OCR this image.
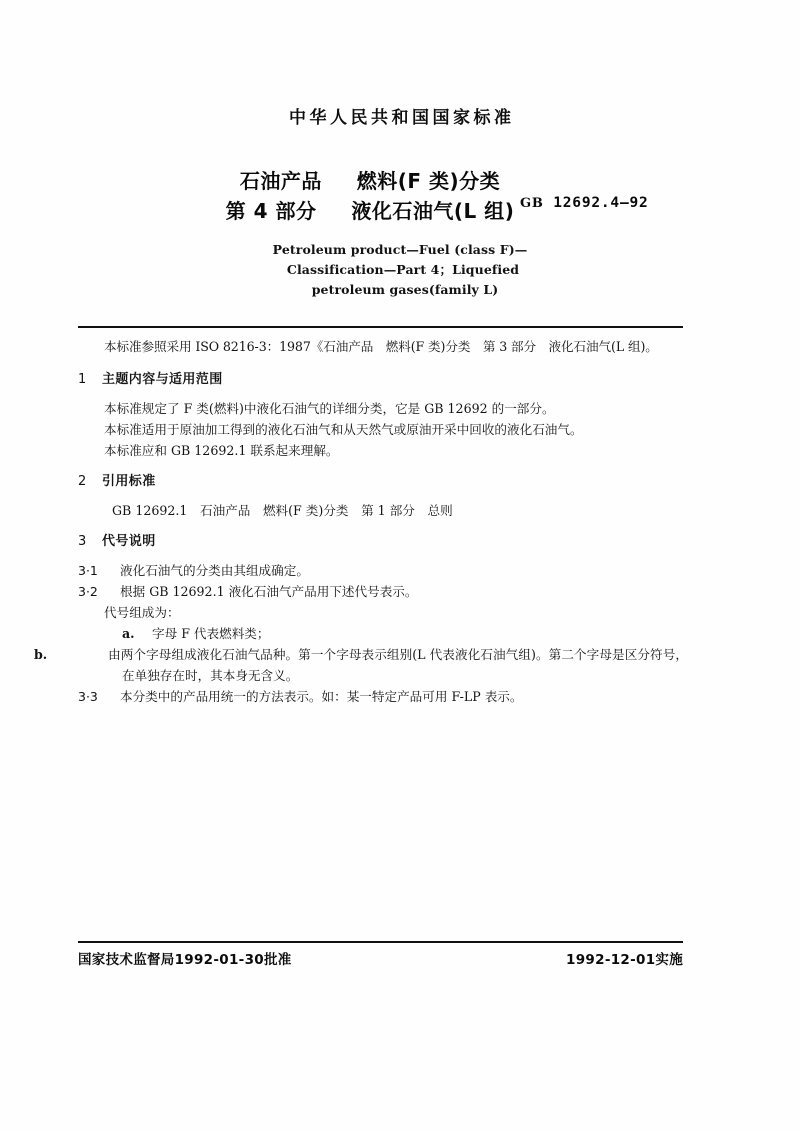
中华人民共和国国家标准
石油产品 燃料(F 类)分类
第 4 部分 液化石油气(L 组) GB 12692.4—92
Petroleum product—Fuel (class F)—
Classification—Part 4；Liquefied
petroleum gases(family L)

本标准参照采用 ISO 8216-3：1987《石油产品　燃料(F 类)分类　第 3 部分　液化石油气(L 组)。

1 主题内容与适用范围

本标准规定了 F 类(燃料)中液化石油气的详细分类，它是 GB 12692 的一部分。

本标准适用于原油加工得到的液化石油气和从天然气或原油开采中回收的液化石油气。

本标准应和 GB 12692.1 联系起来理解。

2 引用标准

GB 12692.1　石油产品　燃料(F 类)分类　第 1 部分　总则

3 代号说明

3·1 液化石油气的分类由其组成确定。

3·2 根据 GB 12692.1 液化石油气产品用下述代号表示。

代号组成为：

a. 字母 F 代表燃料类；

b.	由两个字母组成液化石油气品种。第一个字母表示组别(L 代表液化石油气组)。第二个字母是区分符号，在单独存在时，其本身无含义。

3·3 本分类中的产品用统一的方法表示。如：某一特定产品可用 F-LP 表示。

国家技术监督局1992-01-30批准	1992-12-01实施
